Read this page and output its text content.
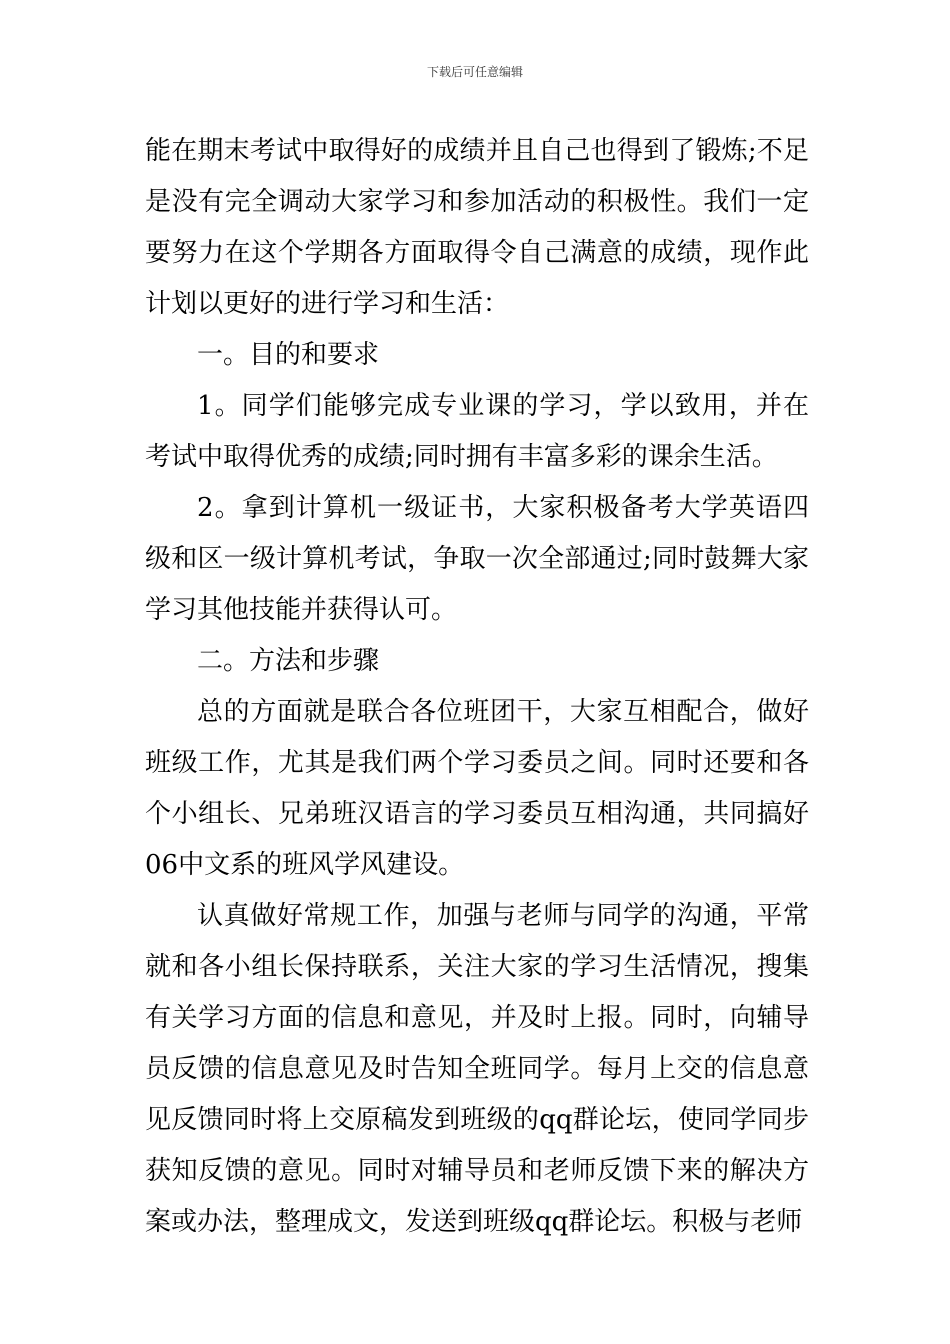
下载后可任意编辑

能在期末考试中取得好的成绩并且自己也得到了锻炼;不足是没有完全调动大家学习和参加活动的积极性。我们一定要努力在这个学期各方面取得令自己满意的成绩，现作此计划以更好的进行学习和生活：

一。目的和要求

1。同学们能够完成专业课的学习，学以致用，并在考试中取得优秀的成绩;同时拥有丰富多彩的课余生活。

2。拿到计算机一级证书，大家积极备考大学英语四级和区一级计算机考试，争取一次全部通过;同时鼓舞大家学习其他技能并获得认可。

二。方法和步骤

总的方面就是联合各位班团干，大家互相配合，做好班级工作，尤其是我们两个学习委员之间。同时还要和各个小组长、兄弟班汉语言的学习委员互相沟通，共同搞好06中文系的班风学风建设。

认真做好常规工作，加强与老师与同学的沟通，平常就和各小组长保持联系，关注大家的学习生活情况，搜集有关学习方面的信息和意见，并及时上报。同时，向辅导员反馈的信息意见及时告知全班同学。每月上交的信息意见反馈同时将上交原稿发到班级的qq群论坛，使同学同步获知反馈的意见。同时对辅导员和老师反馈下来的解决方案或办法，整理成文，发送到班级qq群论坛。积极与老师
